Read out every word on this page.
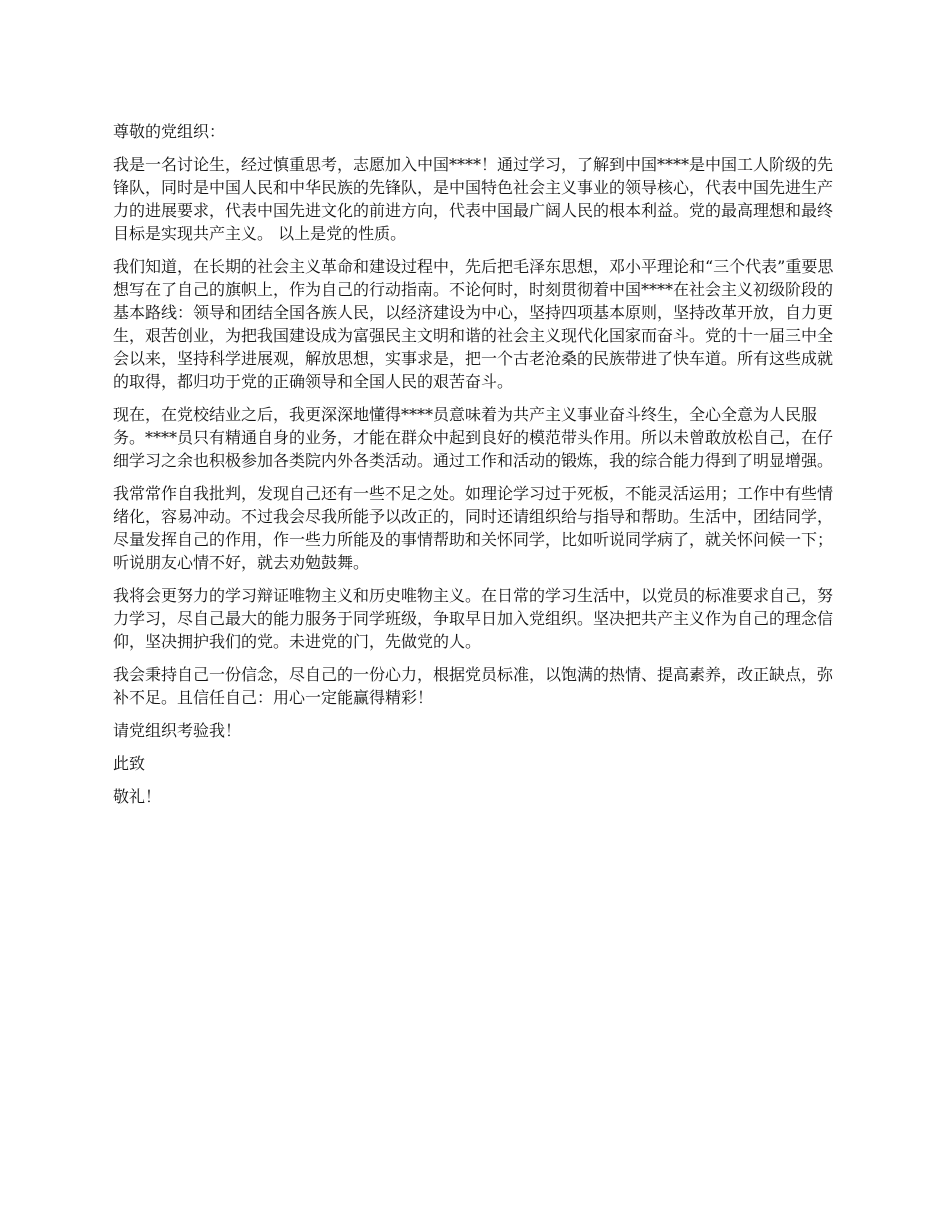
尊敬的党组织：

我是一名讨论生，经过慎重思考，志愿加入中国****！通过学习，了解到中国****是中国工人阶级的先锋队，同时是中国人民和中华民族的先锋队，是中国特色社会主义事业的领导核心，代表中国先进生产力的进展要求，代表中国先进文化的前进方向，代表中国最广阔人民的根本利益。党的最高理想和最终目标是实现共产主义。 以上是党的性质。

我们知道，在长期的社会主义革命和建设过程中，先后把毛泽东思想，邓小平理论和“三个代表”重要思想写在了自己的旗帜上，作为自己的行动指南。不论何时，时刻贯彻着中国****在社会主义初级阶段的基本路线：领导和团结全国各族人民，以经济建设为中心，坚持四项基本原则，坚持改革开放，自力更生，艰苦创业，为把我国建设成为富强民主文明和谐的社会主义现代化国家而奋斗。党的十一届三中全会以来，坚持科学进展观，解放思想，实事求是，把一个古老沧桑的民族带进了快车道。所有这些成就的取得，都归功于党的正确领导和全国人民的艰苦奋斗。

现在，在党校结业之后，我更深深地懂得****员意味着为共产主义事业奋斗终生，全心全意为人民服务。****员只有精通自身的业务，才能在群众中起到良好的模范带头作用。所以未曾敢放松自己，在仔细学习之余也积极参加各类院内外各类活动。通过工作和活动的锻炼，我的综合能力得到了明显增强。

我常常作自我批判，发现自己还有一些不足之处。如理论学习过于死板，不能灵活运用；工作中有些情绪化，容易冲动。不过我会尽我所能予以改正的，同时还请组织给与指导和帮助。生活中，团结同学，尽量发挥自己的作用，作一些力所能及的事情帮助和关怀同学，比如听说同学病了，就关怀问候一下；听说朋友心情不好，就去劝勉鼓舞。

我将会更努力的学习辩证唯物主义和历史唯物主义。在日常的学习生活中，以党员的标准要求自己，努力学习，尽自己最大的能力服务于同学班级，争取早日加入党组织。坚决把共产主义作为自己的理念信仰，坚决拥护我们的党。未进党的门，先做党的人。

我会秉持自己一份信念，尽自己的一份心力，根据党员标准，以饱满的热情、提高素养，改正缺点，弥补不足。且信任自己：用心一定能赢得精彩！

请党组织考验我！

此致

敬礼！
